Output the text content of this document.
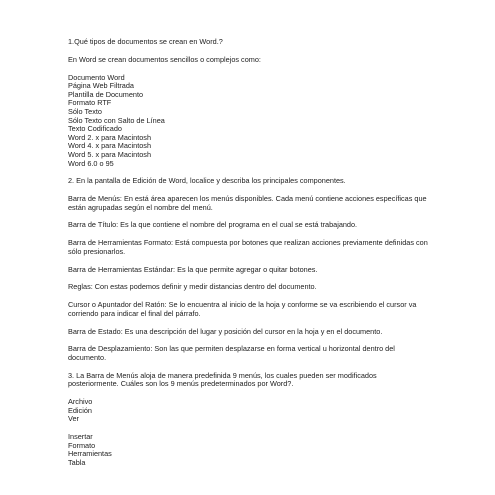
1.Qué tipos de documentos se crean en Word.?

En Word se crean documentos sencillos o complejos como:

Documento Word
Página Web Filtrada
Plantilla de Documento
Formato RTF
Sólo Texto
Sólo Texto con Salto de Línea
Texto Codificado
Word 2. x para Macintosh
Word 4. x para Macintosh
Word 5. x para Macintosh
Word 6.0 o 95

2. En la pantalla de Edición de Word, localice y describa los principales componentes.

Barra de Menús: En está área aparecen los menús disponibles. Cada menú contiene acciones específicas que están agrupadas según el nombre del menú.

Barra de Título: Es la que contiene el nombre del programa en el cual se está trabajando.

Barra de Herramientas Formato: Está compuesta por botones que realizan acciones previamente definidas con sólo presionarlos.

Barra de Herramientas Estándar: Es la que permite agregar o quitar botones.

Reglas: Con estas podemos definir y medir distancias dentro del documento.

Cursor o Apuntador del Ratón: Se lo encuentra al inicio de la hoja y conforme se va escribiendo el cursor va corriendo para indicar el final del párrafo.

Barra de Estado: Es una descripción del lugar y posición del cursor en la hoja y en el documento.

Barra de Desplazamiento: Son las que permiten desplazarse en forma vertical u horizontal dentro del documento.

3. La Barra de Menús aloja de manera predefinida 9 menús, los cuales pueden ser modificados posteriormente. Cuáles son los 9 menús predeterminados por Word?.

Archivo
Edición
Ver
Insertar
Formato
Herramientas
Tabla
